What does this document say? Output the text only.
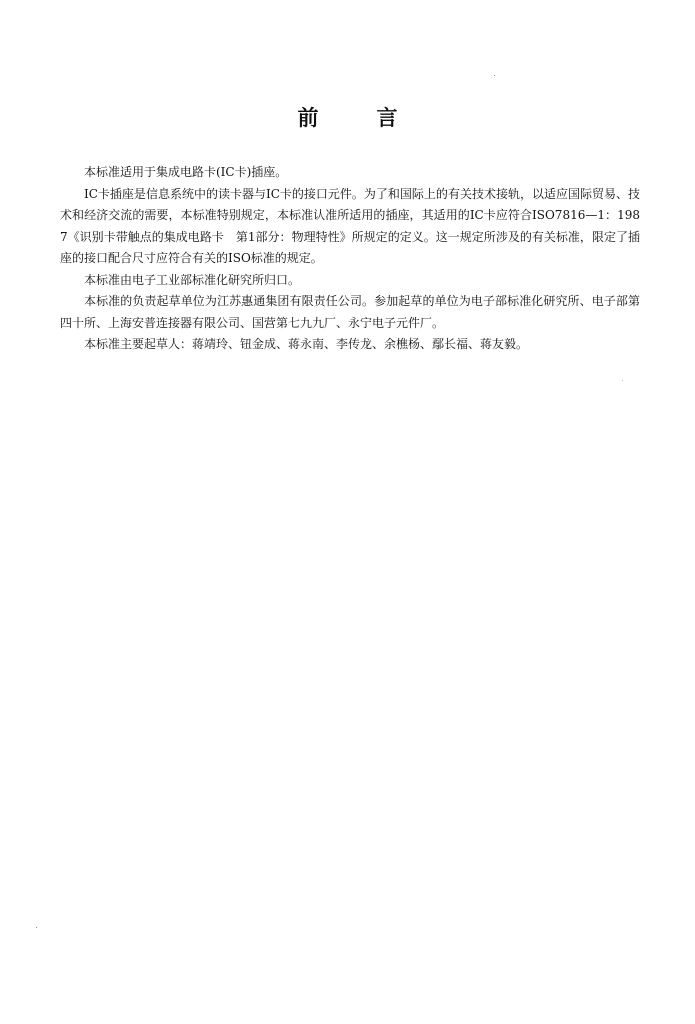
前言

本标准适用于集成电路卡(IC卡)插座。

IC卡插座是信息系统中的读卡器与IC卡的接口元件。为了和国际上的有关技术接轨，以适应国际贸易、技术和经济交流的需要，本标准特别规定，本标准认准所适用的插座，其适用的IC卡应符合ISO7816—1：1987《识别卡带触点的集成电路卡　第1部分：物理特性》所规定的定义。这一规定所涉及的有关标准，限定了插座的接口配合尺寸应符合有关的ISO标准的规定。

本标准由电子工业部标准化研究所归口。

本标准的负责起草单位为江苏惠通集团有限责任公司。参加起草的单位为电子部标准化研究所、电子部第四十所、上海安普连接器有限公司、国营第七九九厂、永宁电子元件厂。

本标准主要起草人：蒋靖玲、钮金成、蒋永南、李传龙、余樵杨、鄢长福、蒋友毅。
